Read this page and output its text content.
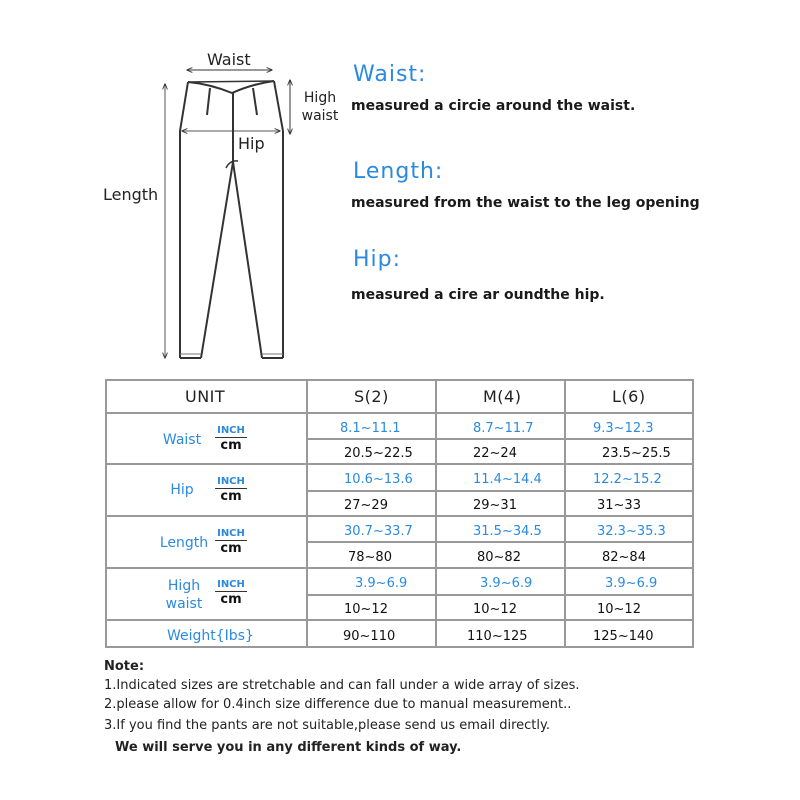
Waist
High
waist
Hip
Length
Waist:
measured a circie around the waist.
Length:
measured from the waist to the leg opening
Hip:
measured a cire ar oundthe hip.
UNIT	S(2)	M(4)	L(6)
Waist
INCH
cm
8.1~11.1	8.7~11.7	9.3~12.3
20.5~22.5	22~24	23.5~25.5
Hip
INCH
cm
10.6~13.6	11.4~14.4	12.2~15.2
27~29	29~31	31~33
Length
INCH
cm
30.7~33.7	31.5~34.5	32.3~35.3
78~80	80~82	82~84
High
waist
INCH
cm
3.9~6.9	3.9~6.9	3.9~6.9
10~12	10~12	10~12
Weight{Ibs}	90~110	110~125	125~140
Note:
1.Indicated sizes are stretchable and can fall under a wide array of sizes.
2.please allow for 0.4inch size difference due to manual measurement..
3.If you find the pants are not suitable,please send us email directly.
We will serve you in any different kinds of way.
